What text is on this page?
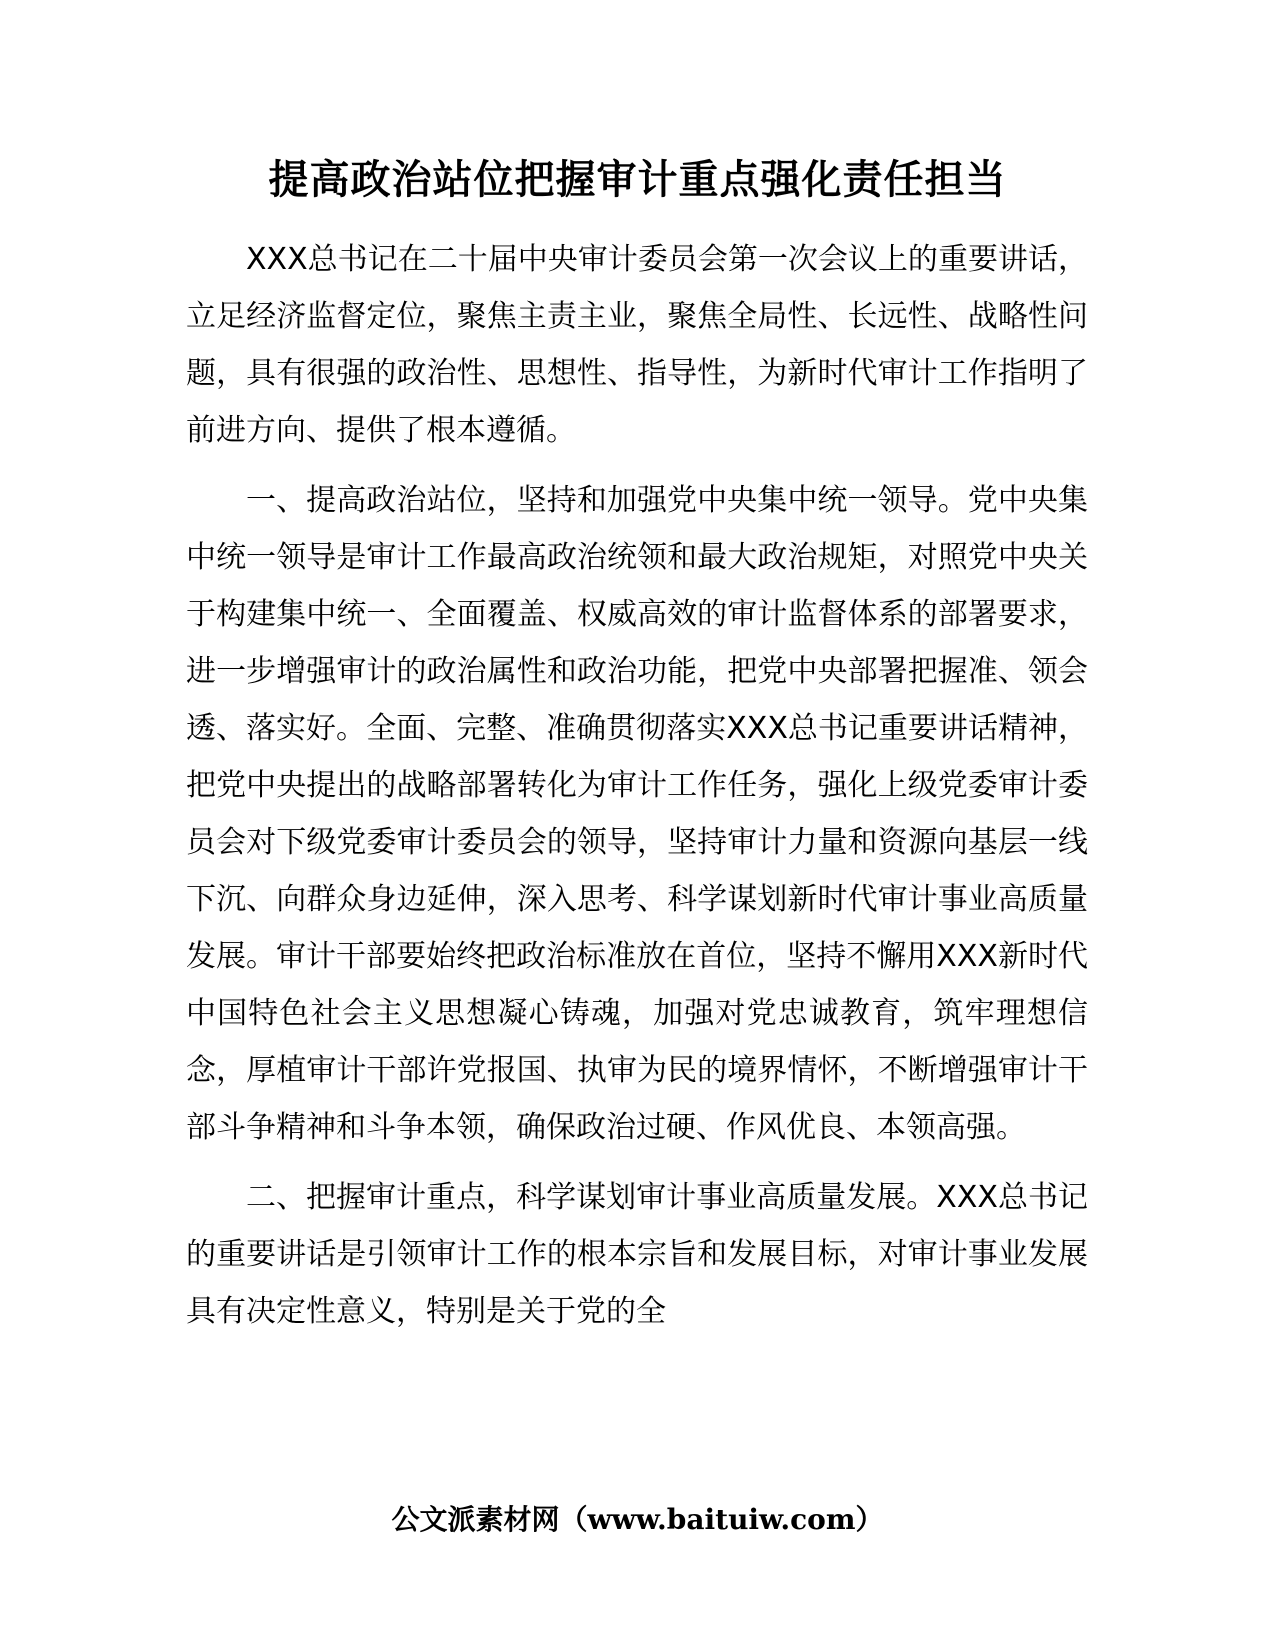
提高政治站位把握审计重点强化责任担当

XXX总书记在二十届中央审计委员会第一次会议上的重要讲话，立足经济监督定位，聚焦主责主业，聚焦全局性、长远性、战略性问题，具有很强的政治性、思想性、指导性，为新时代审计工作指明了前进方向、提供了根本遵循。

一、提高政治站位，坚持和加强党中央集中统一领导。党中央集中统一领导是审计工作最高政治统领和最大政治规矩，对照党中央关于构建集中统一、全面覆盖、权威高效的审计监督体系的部署要求，进一步增强审计的政治属性和政治功能，把党中央部署把握准、领会透、落实好。全面、完整、准确贯彻落实XXX总书记重要讲话精神，把党中央提出的战略部署转化为审计工作任务，强化上级党委审计委员会对下级党委审计委员会的领导，坚持审计力量和资源向基层一线下沉、向群众身边延伸，深入思考、科学谋划新时代审计事业高质量发展。审计干部要始终把政治标准放在首位，坚持不懈用XXX新时代中国特色社会主义思想凝心铸魂，加强对党忠诚教育，筑牢理想信念，厚植审计干部许党报国、执审为民的境界情怀，不断增强审计干部斗争精神和斗争本领，确保政治过硬、作风优良、本领高强。

二、把握审计重点，科学谋划审计事业高质量发展。XXX总书记的重要讲话是引领审计工作的根本宗旨和发展目标，对审计事业发展具有决定性意义，特别是关于党的全

公文派素材网（www.baituiw.com）
